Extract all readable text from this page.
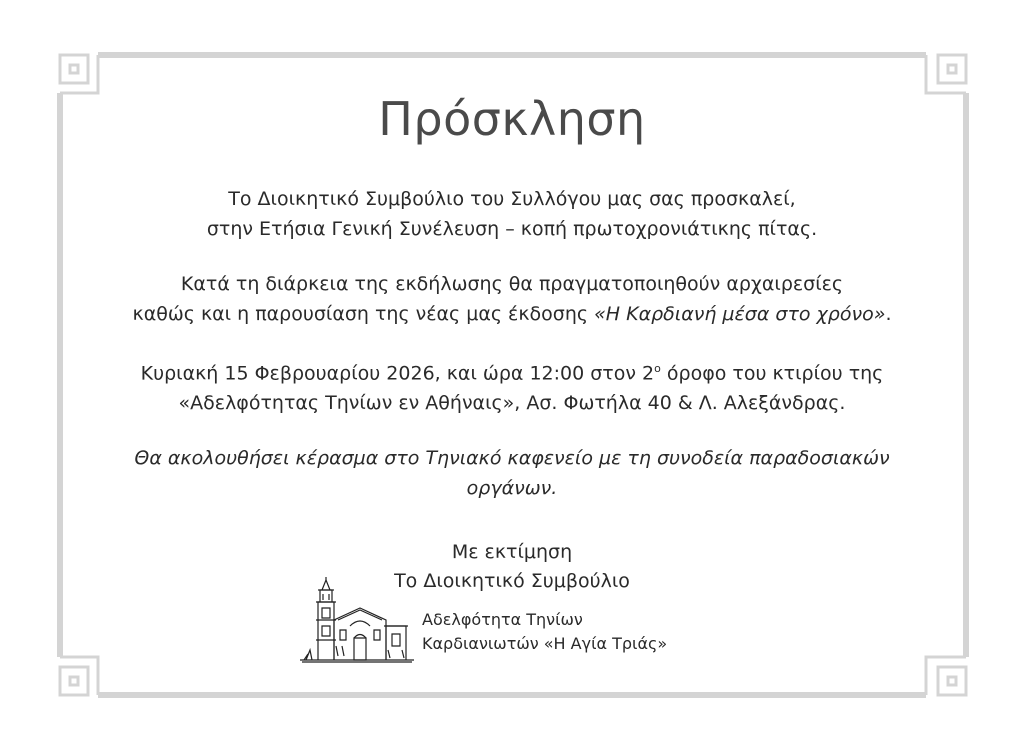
Πρόσκληση

Το Διοικητικό Συμβούλιο του Συλλόγου μας σας προσκαλεί,
στην Ετήσια Γενική Συνέλευση – κοπή πρωτοχρονιάτικης πίτας.

Κατά τη διάρκεια της εκδήλωσης θα πραγματοποιηθούν αρχαιρεσίες
καθώς και η παρουσίαση της νέας μας έκδοσης «Η Καρδιανή μέσα στο χρόνο».

Κυριακή 15 Φεβρουαρίου 2026, και ώρα 12:00 στον $2^o$ όροφο του κτιρίου της
«Αδελφότητας Τηνίων εν Αθήναις», Ασ. Φωτήλα 40 & Λ. Αλεξάνδρας.

Θα ακολουθήσει κέρασμα στο Τηνιακό καφενείο με τη συνοδεία παραδοσιακών οργάνων.

Με εκτίμηση
Το Διοικητικό Συμβούλιο
Αδελφότητα Τηνίων
Καρδιανιωτών «Η Αγία Τριάς»
